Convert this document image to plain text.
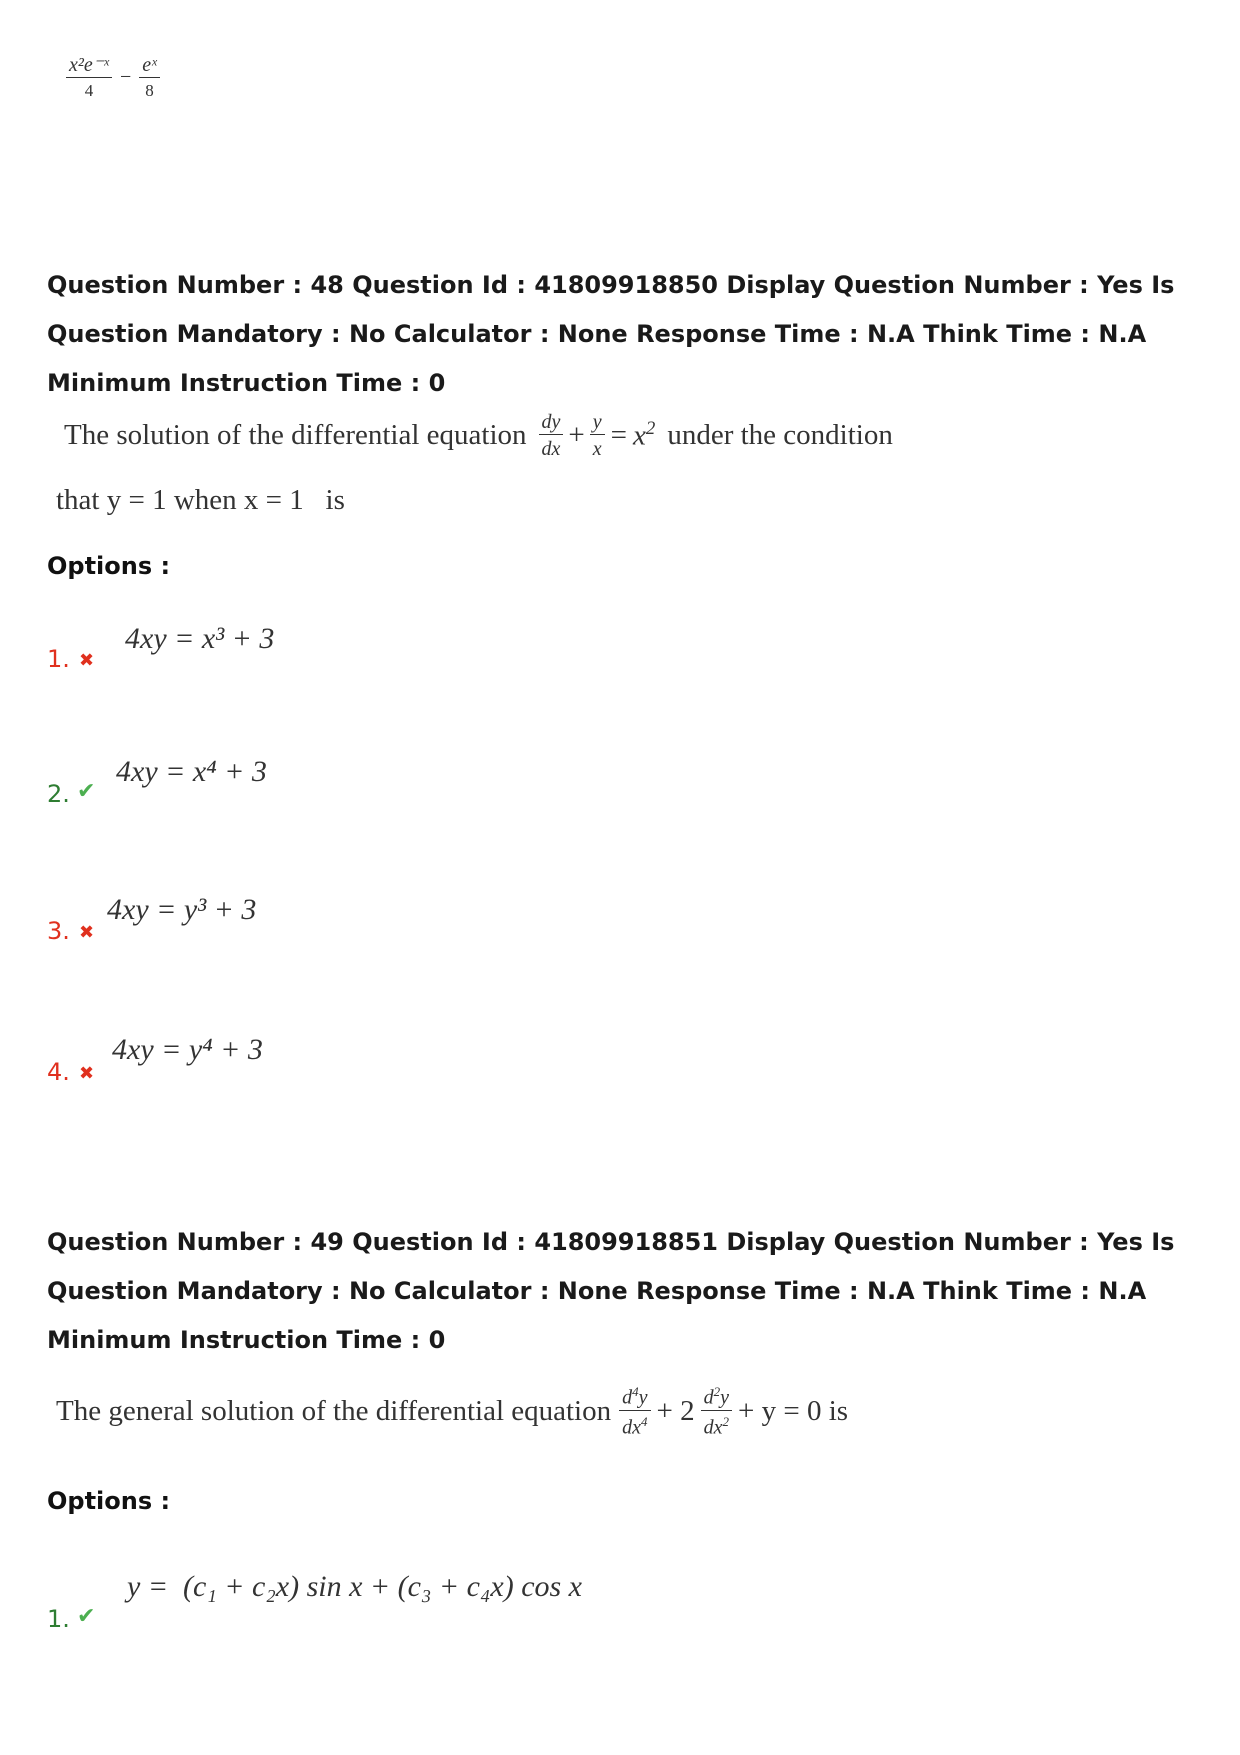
$\frac{\text{x²e⁻ˣ}}{4} - \frac{\text{eˣ}}{8}$
Question Number : 48 Question Id : 41809918850 Display Question Number : Yes Is Question Mandatory : No Calculator : None Response Time : N.A Think Time : N.A Minimum Instruction Time : 0
The solution of the differential equation $\frac{dy}{dx} + \frac{y}{x} = x^2$ under the condition
that y = 1 when x = 1   is
Options :
1. ✖
4xy = x³ + 3
2. ✔
4xy = x⁴ + 3
3. ✖
4xy = y³ + 3
4. ✖
4xy = y⁴ + 3
Question Number : 49 Question Id : 41809918851 Display Question Number : Yes Is Question Mandatory : No Calculator : None Response Time : N.A Think Time : N.A Minimum Instruction Time : 0
The general solution of the differential equation $\frac{d^4y}{dx^4} + 2 \frac{d^2y}{dx^2} + y = 0$ is
Options :
1. ✔
y =  (c₁ + c₂x) sin x + (c₃ + c₄x) cos x
